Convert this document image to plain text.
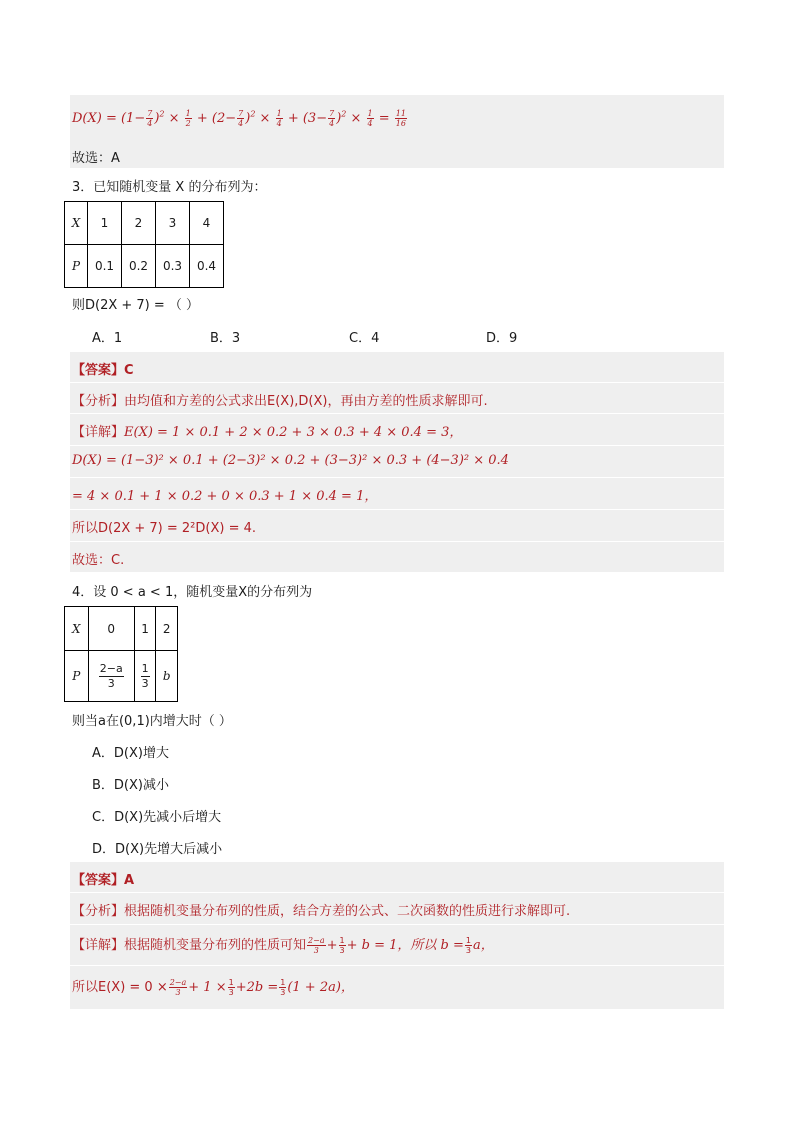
$D(X) = (1- \frac{7}{4} )^2 \times \frac{1}{2} + (2- \frac{7}{4} )^2 \times \frac{1}{4} + (3- \frac{7}{4} )^2 \times \frac{1}{4} = \frac{11}{16}$
故选：A
3．已知随机变量 X 的分布列为：
X	1	2	3	4
P	0.1	0.2	0.3	0.4
则D(2X + 7) = （ ）
A．1	B．3	C．4	D．9
【答案】C
【分析】由均值和方差的公式求出E(X),D(X)，再由方差的性质求解即可.
【详解】E(X) = 1 × 0.1 + 2 × 0.2 + 3 × 0.3 + 4 × 0.4 = 3，
D(X) = (1−3)² × 0.1 + (2−3)² × 0.2 + (3−3)² × 0.3 + (4−3)² × 0.4
= 4 × 0.1 + 1 × 0.2 + 0 × 0.3 + 1 × 0.4 = 1，
所以D(2X + 7) = 2²D(X) = 4.
故选：C.
4．设 0 < a < 1，随机变量X的分布列为
X	0	1	2
P	$\frac{2-a}{3}$	$\frac{1}{3}$	b
则当a在(0,1)内增大时（ ）
A．D(X)增大
B．D(X)减小
C．D(X)先减小后增大
D．D(X)先增大后减小
【答案】A
【分析】根据随机变量分布列的性质，结合方差的公式、二次函数的性质进行求解即可.
【详解】根据随机变量分布列的性质可知 $\frac{2-a}{3} + \frac{1}{3} + b = 1$，所以 $b = \frac{1}{3}$ a，
所以$E(X) = 0 \times \frac{2-a}{3} + 1 \times \frac{1}{3} +2b = \frac{1}{3} (1 + 2a)$，
